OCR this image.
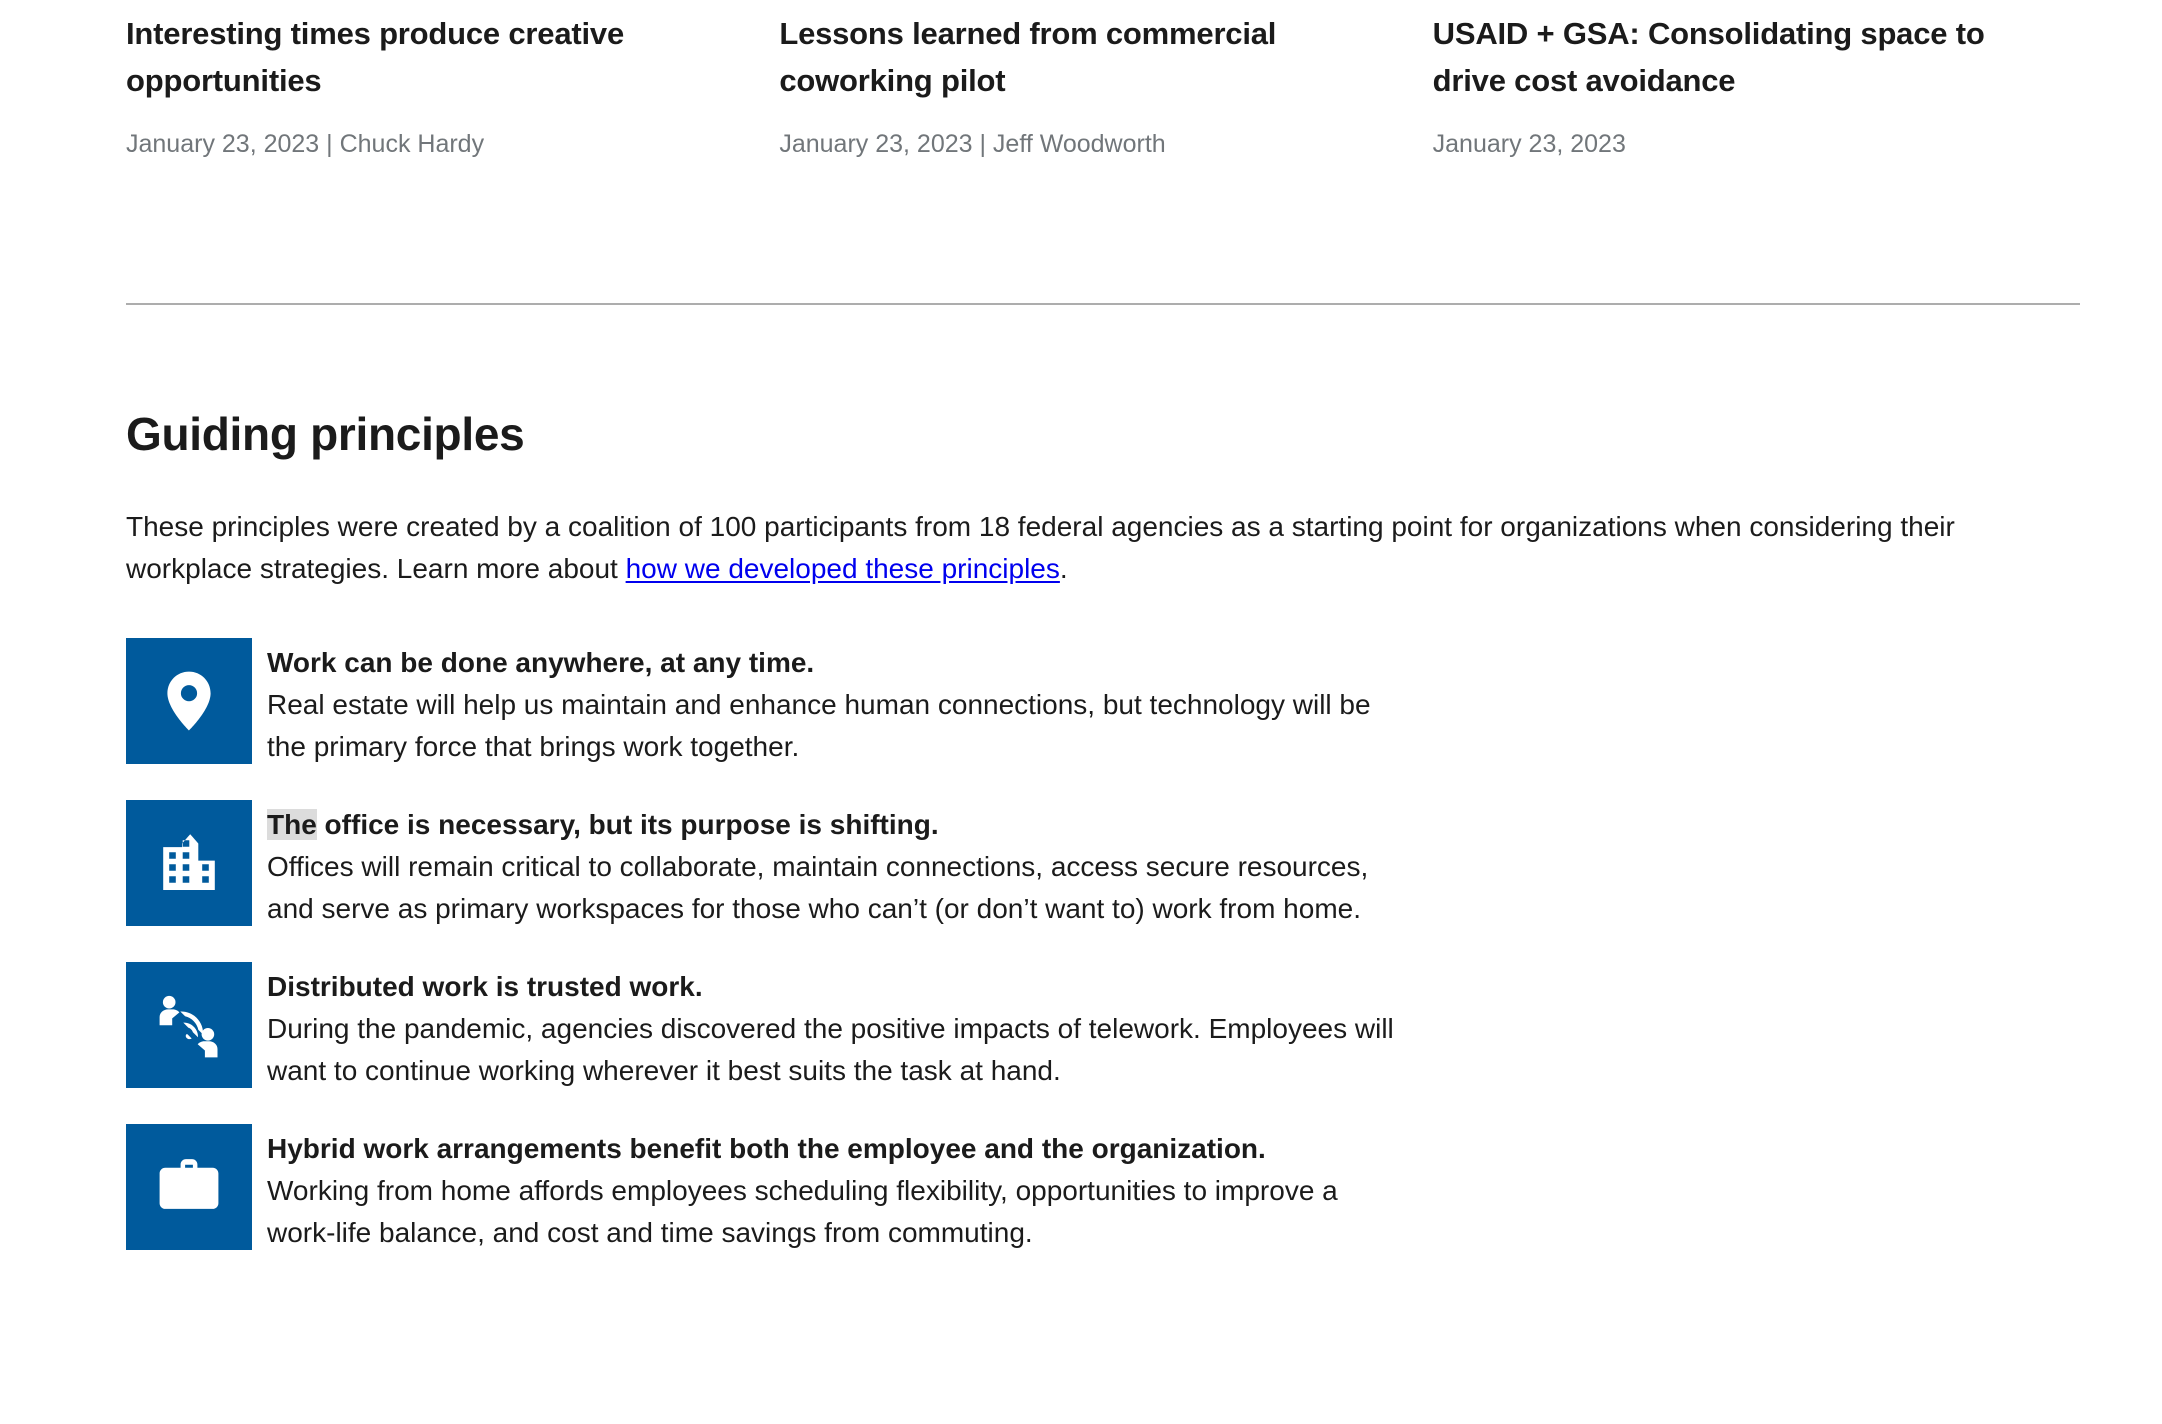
Interesting times produce creative opportunities
January 23, 2023 | Chuck Hardy
Lessons learned from commercial coworking pilot
January 23, 2023 | Jeff Woodworth
USAID + GSA: Consolidating space to drive cost avoidance
January 23, 2023
Guiding principles

These principles were created by a coalition of 100 participants from 18 federal agencies as a starting point for organizations when considering their workplace strategies. Learn more about how we developed these principles.

Work can be done anywhere, at any time.
Real estate will help us maintain and enhance human connections, but technology will be the primary force that brings work together.
The office is necessary, but its purpose is shifting.
Offices will remain critical to collaborate, maintain connections, access secure resources, and serve as primary workspaces for those who can’t (or don’t want to) work from home.
Distributed work is trusted work.
During the pandemic, agencies discovered the positive impacts of telework. Employees will want to continue working wherever it best suits the task at hand.
Hybrid work arrangements benefit both the employee and the organization.
Working from home affords employees scheduling flexibility, opportunities to improve a work-life balance, and cost and time savings from commuting.
